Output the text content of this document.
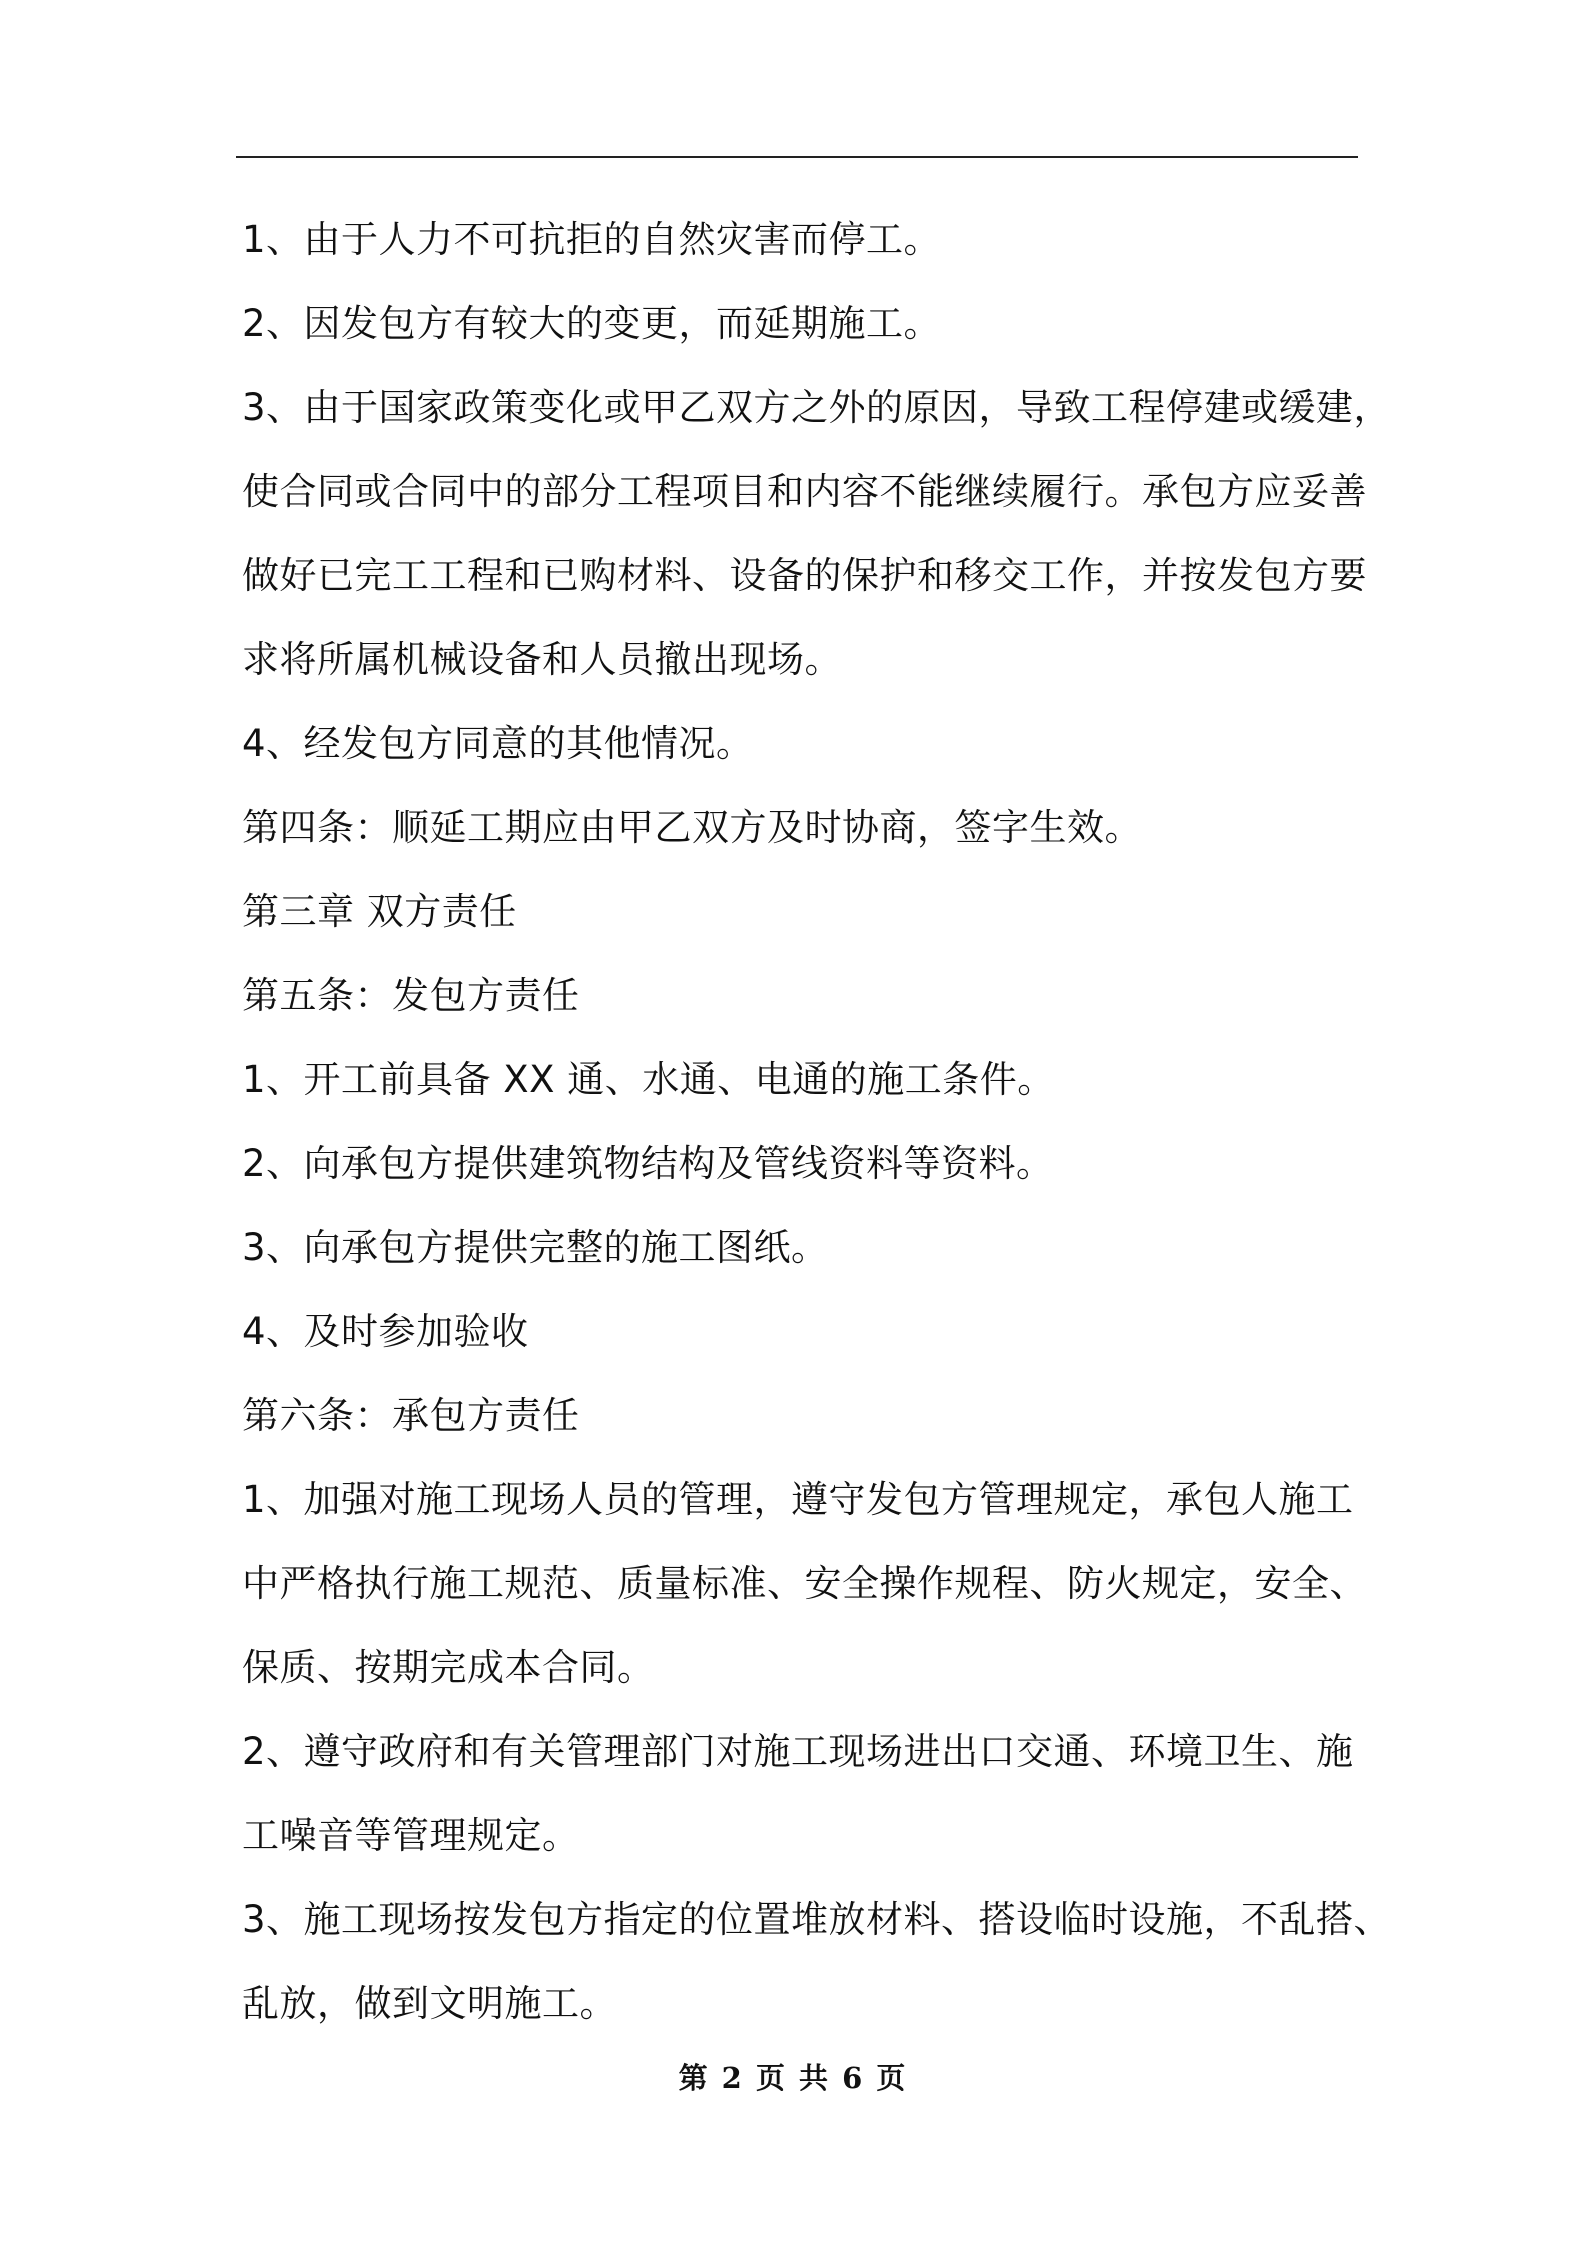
1、由于人力不可抗拒的自然灾害而停工。

2、因发包方有较大的变更，而延期施工。

3、由于国家政策变化或甲乙双方之外的原因，导致工程停建或缓建，

使合同或合同中的部分工程项目和内容不能继续履行。承包方应妥善

做好已完工工程和已购材料、设备的保护和移交工作，并按发包方要

求将所属机械设备和人员撤出现场。

4、经发包方同意的其他情况。

第四条：顺延工期应由甲乙双方及时协商，签字生效。

第三章 双方责任

第五条：发包方责任

1、开工前具备 XX 通、水通、电通的施工条件。

2、向承包方提供建筑物结构及管线资料等资料。

3、向承包方提供完整的施工图纸。

4、及时参加验收

第六条：承包方责任

1、加强对施工现场人员的管理，遵守发包方管理规定，承包人施工

中严格执行施工规范、质量标准、安全操作规程、防火规定，安全、

保质、按期完成本合同。

2、遵守政府和有关管理部门对施工现场进出口交通、环境卫生、施

工噪音等管理规定。

3、施工现场按发包方指定的位置堆放材料、搭设临时设施，不乱搭、

乱放，做到文明施工。

第 2 页 共 6 页
